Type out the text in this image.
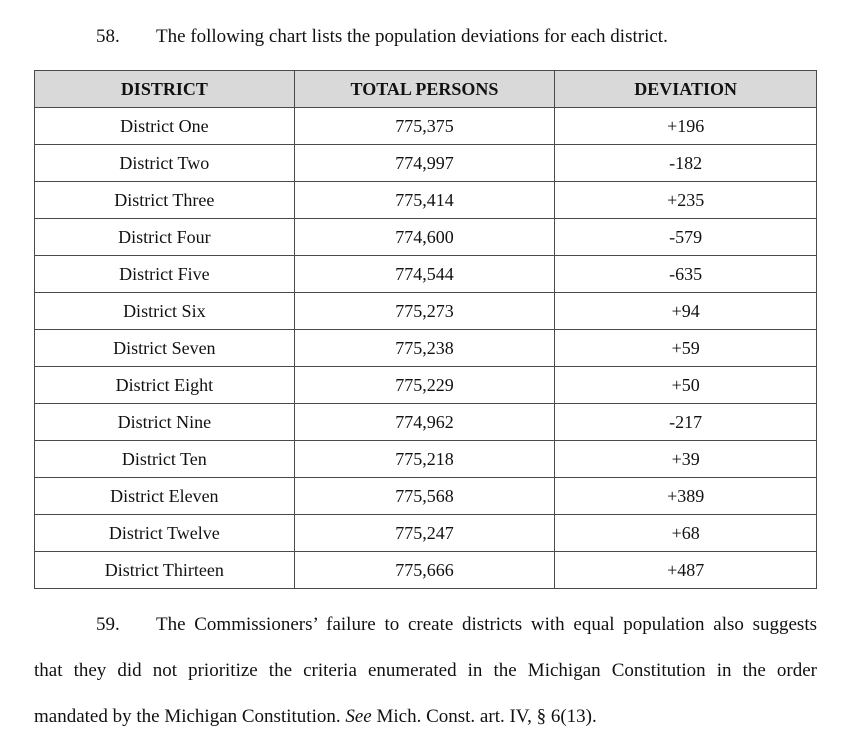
58. The following chart lists the population deviations for each district.
DISTRICT	TOTAL PERSONS	DEVIATION
District One	775,375	+196
District Two	774,997	-182
District Three	775,414	+235
District Four	774,600	-579
District Five	774,544	-635
District Six	775,273	+94
District Seven	775,238	+59
District Eight	775,229	+50
District Nine	774,962	-217
District Ten	775,218	+39
District Eleven	775,568	+389
District Twelve	775,247	+68
District Thirteen	775,666	+487
59. The Commissioners’ failure to create districts with equal population also suggests
that they did not prioritize the criteria enumerated in the Michigan Constitution in the order
mandated by the Michigan Constitution. See Mich. Const. art. IV, § 6(13).
